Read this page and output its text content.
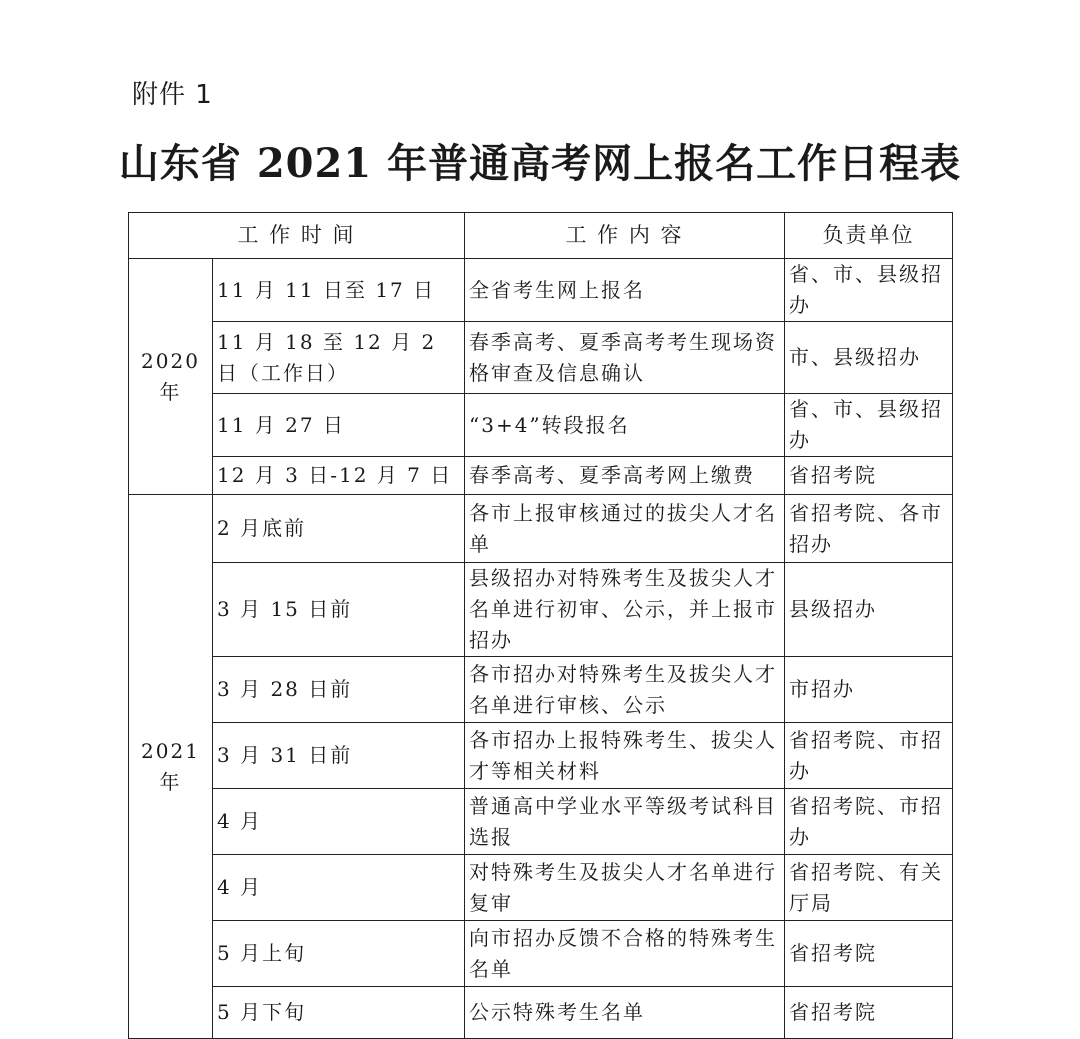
附件 1
山东省 2021 年普通高考网上报名工作日程表
工 作 时 间		工 作 内 容	负责单位
2020 年	11 月 11 日至 17 日	全省考生网上报名	省、市、县级招办
	11 月 18 至 12 月 2 日（工作日）	春季高考、夏季高考考生现场资格审查及信息确认	市、县级招办
	11 月 27 日	“3+4”转段报名	省、市、县级招办
	12 月 3 日-12 月 7 日	春季高考、夏季高考网上缴费	省招考院
2021 年	2 月底前	各市上报审核通过的拔尖人才名单	省招考院、各市招办
	3 月 15 日前	县级招办对特殊考生及拔尖人才名单进行初审、公示，并上报市招办	县级招办
	3 月 28 日前	各市招办对特殊考生及拔尖人才名单进行审核、公示	市招办
	3 月 31 日前	各市招办上报特殊考生、拔尖人才等相关材料	省招考院、市招办
	4 月	普通高中学业水平等级考试科目选报	省招考院、市招办
	4 月	对特殊考生及拔尖人才名单进行复审	省招考院、有关厅局
	5 月上旬	向市招办反馈不合格的特殊考生名单	省招考院
	5 月下旬	公示特殊考生名单	省招考院
